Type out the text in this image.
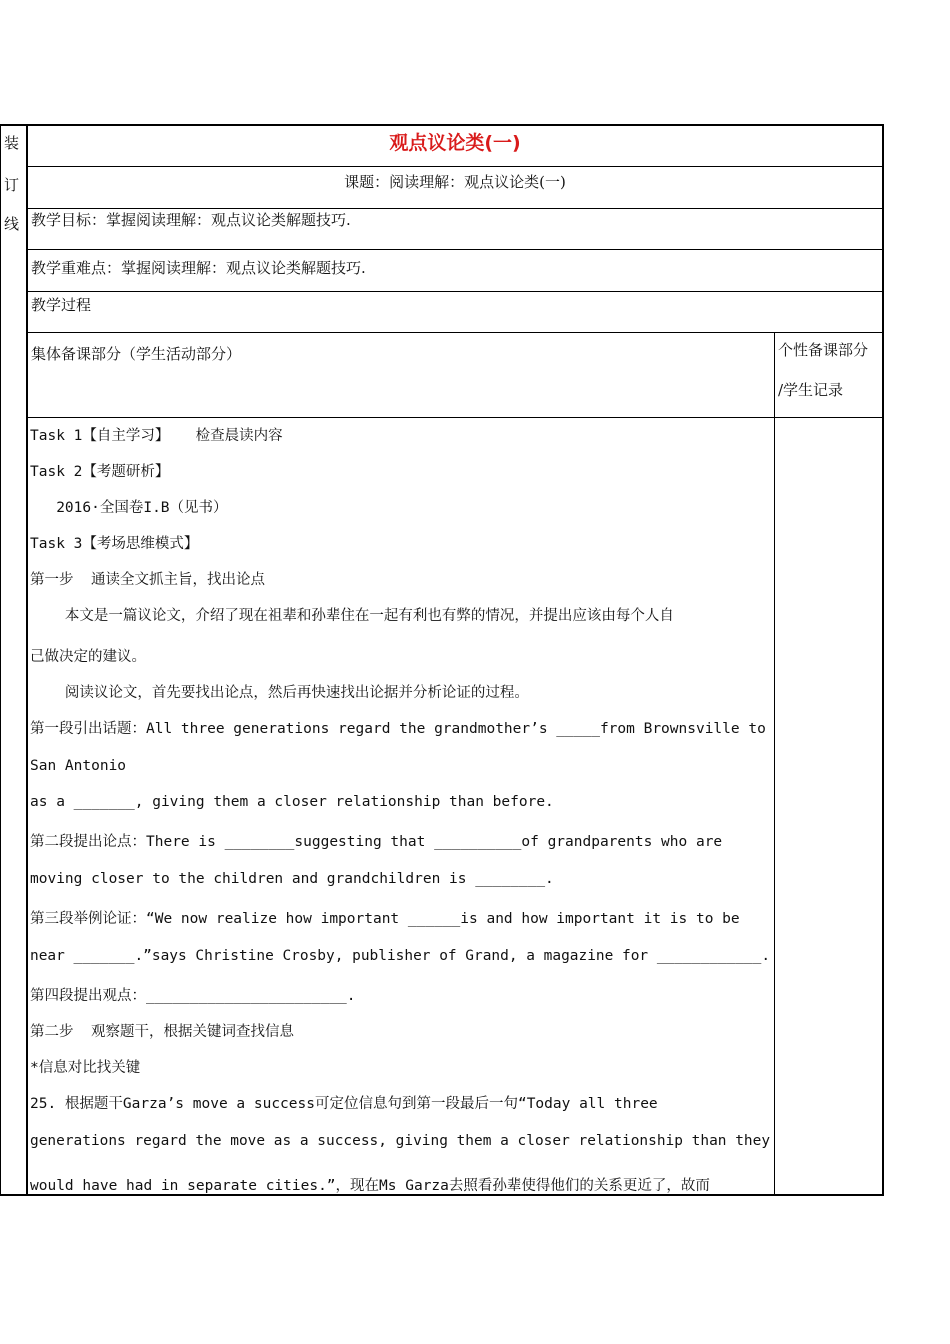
装
订
线
观点议论类(一)
课题：阅读理解：观点议论类(一)
教学目标：掌握阅读理解：观点议论类解题技巧.
教学重难点：掌握阅读理解：观点议论类解题技巧.
教学过程
集体备课部分（学生活动部分）	个性备课部分
/学生记录
Task 1【自主学习】   检查晨读内容
Task 2【考题研析】
2016·全国卷I.B（见书）
Task 3【考场思维模式】
第一步  通读全文抓主旨，找出论点
本文是一篇议论文，介绍了现在祖辈和孙辈住在一起有利也有弊的情况，并提出应该由每个人自
己做决定的建议。
阅读议论文，首先要找出论点，然后再快速找出论据并分析论证的过程。
第一段引出话题：All three generations regard the grandmother’s _____from Brownsville to
San Antonio
as a _______, giving them a closer relationship than before.
第二段提出论点：There is ________suggesting that __________of grandparents who are
moving closer to the children and grandchildren is ________.
第三段举例论证：“We now realize how important ______is and how important it is to be
near _______.”says Christine Crosby, publisher of Grand, a magazine for ____________.
第四段提出观点：_______________________.
第二步  观察题干，根据关键词查找信息
*信息对比找关键
25. 根据题干Garza’s move a success可定位信息句到第一段最后一句“Today all three
generations regard the move as a success, giving them a closer relationship than they
would have had in separate cities.”，现在Ms Garza去照看孙辈使得他们的关系更近了，故而
